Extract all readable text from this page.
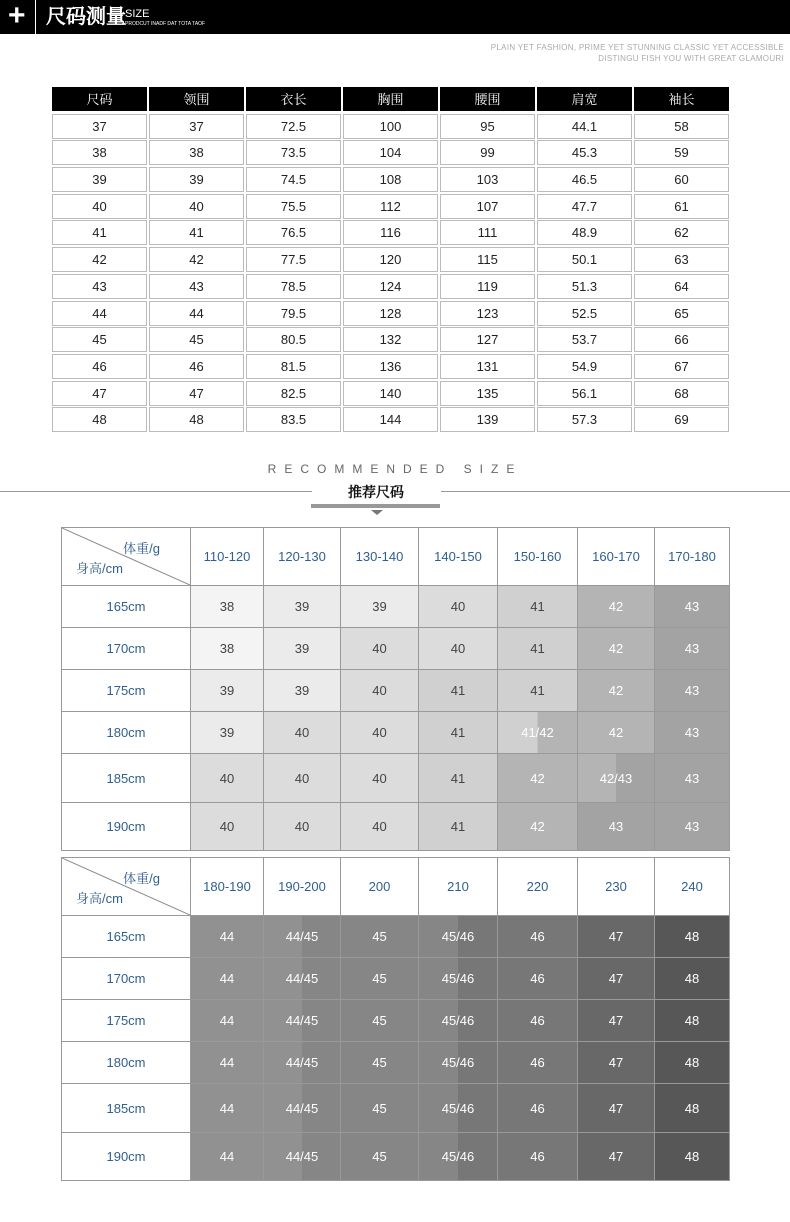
+ 尺码测量 SIZE
PRODCUT INADF DAT TOTA TAOF
PLAIN YET FASHION, PRIME YET STUNNING CLASSIC YET ACCESSIBLE
DISTINGU FISH YOU WITH GREAT GLAMOURI
尺码	领围	衣长	胸围	腰围	肩宽	袖长
37	37	72.5	100	95	44.1	58
38	38	73.5	104	99	45.3	59
39	39	74.5	108	103	46.5	60
40	40	75.5	112	107	47.7	61
41	41	76.5	116	111	48.9	62
42	42	77.5	120	115	50.1	63
43	43	78.5	124	119	51.3	64
44	44	79.5	128	123	52.5	65
45	45	80.5	132	127	53.7	66
46	46	81.5	136	131	54.9	67
47	47	82.5	140	135	56.1	68
48	48	83.5	144	139	57.3	69
RECOMMENDED SIZE
推荐尺码
体重/g
身高/cm
110-120	120-130	130-140	140-150	150-160	160-170	170-180
165cm	38	39	39	40	41	42	43
170cm	38	39	40	40	41	42	43
175cm	39	39	40	41	41	42	43
180cm	39	40	40	41	41/42	42	43
185cm	40	40	40	41	42	42/43	43
190cm	40	40	40	41	42	43	43
体重/g
身高/cm
180-190	190-200	200	210	220	230	240
165cm	44	44/45	45	45/46	46	47	48
170cm	44	44/45	45	45/46	46	47	48
175cm	44	44/45	45	45/46	46	47	48
180cm	44	44/45	45	45/46	46	47	48
185cm	44	44/45	45	45/46	46	47	48
190cm	44	44/45	45	45/46	46	47	48
